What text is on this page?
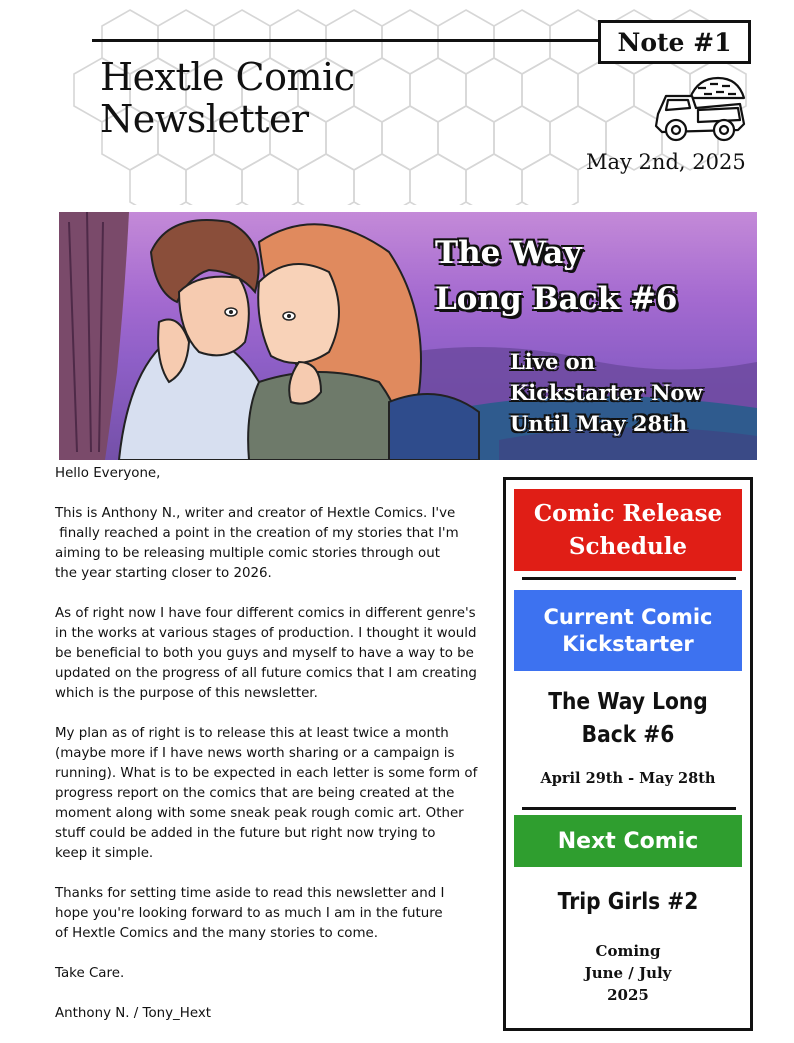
Note #1
Hextle Comic
Newsletter
May 2nd, 2025
The Way
Long Back #6
Live on
Kickstarter Now
Until May 28th

Hello Everyone,

This is Anthony N., writer and creator of Hextle Comics. I've
finally reached a point in the creation of my stories that I'm
aiming to be releasing multiple comic stories through out
the year starting closer to 2026.

As of right now I have four different comics in different genre's
in the works at various stages of production. I thought it would
be beneficial to both you guys and myself to have a way to be
updated on the progress of all future comics that I am creating
which is the purpose of this newsletter.

My plan as of right is to release this at least twice a month
(maybe more if I have news worth sharing or a campaign is
running). What is to be expected in each letter is some form of
progress report on the comics that are being created at the
moment along with some sneak peak rough comic art. Other
stuff could be added in the future but right now trying to
keep it simple.

Thanks for setting time aside to read this newsletter and I
hope you're looking forward to as much I am in the future
of Hextle Comics and the many stories to come.

Take Care.

Anthony N. / Tony_Hext

Comic Release
Schedule
Current Comic
Kickstarter
The Way Long
Back #6
April 29th - May 28th
Next Comic
Trip Girls #2
Coming
June / July
2025
